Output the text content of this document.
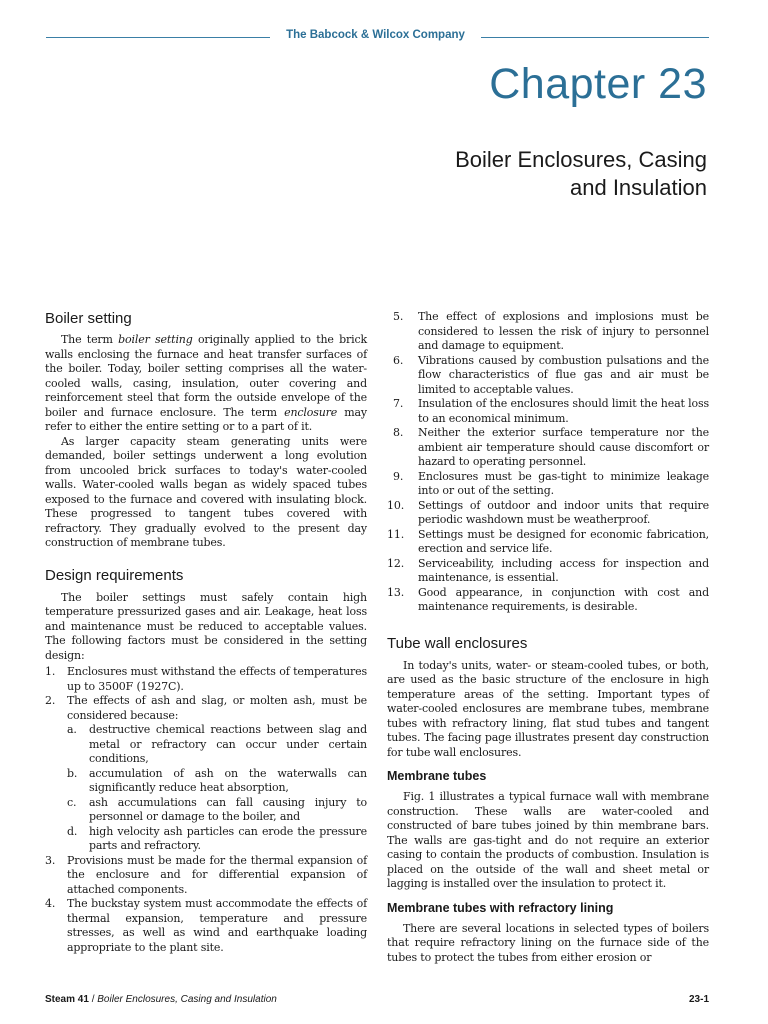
The Babcock & Wilcox Company
Chapter 23
Boiler Enclosures, Casing
and Insulation
Boiler setting

The term boiler setting originally applied to the brick walls enclosing the furnace and heat transfer surfaces of the boiler. Today, boiler setting comprises all the water-cooled walls, casing, insulation, outer covering and reinforcement steel that form the outside envelope of the boiler and furnace enclosure. The term enclosure may refer to either the entire setting or to a part of it.

As larger capacity steam generating units were demanded, boiler settings underwent a long evolution from uncooled brick surfaces to today's water-cooled walls. Water-cooled walls began as widely spaced tubes exposed to the furnace and covered with insulating block. These progressed to tangent tubes covered with refractory. They gradually evolved to the present day construction of membrane tubes.

Design requirements

The boiler settings must safely contain high temperature pressurized gases and air. Leakage, heat loss and maintenance must be reduced to acceptable values. The following factors must be considered in the setting design:

1.	Enclosures must withstand the effects of temperatures up to 3500F (1927C).
2.	The effects of ash and slag, or molten ash, must be considered because:
a.	destructive chemical reactions between slag and metal or refractory can occur under certain conditions,
b.	accumulation of ash on the waterwalls can significantly reduce heat absorption,
c.	ash accumulations can fall causing injury to personnel or damage to the boiler, and
d.	high velocity ash particles can erode the pressure parts and refractory.
3.	Provisions must be made for the thermal expansion of the enclosure and for differential expansion of attached components.
4.	The buckstay system must accommodate the effects of thermal expansion, temperature and pressure stresses, as well as wind and earthquake loading appropriate to the plant site.
5.	The effect of explosions and implosions must be considered to lessen the risk of injury to personnel and damage to equipment.
6.	Vibrations caused by combustion pulsations and the flow characteristics of flue gas and air must be limited to acceptable values.
7.	Insulation of the enclosures should limit the heat loss to an economical minimum.
8.	Neither the exterior surface temperature nor the ambient air temperature should cause discomfort or hazard to operating personnel.
9.	Enclosures must be gas-tight to minimize leakage into or out of the setting.
10.	Settings of outdoor and indoor units that require periodic washdown must be weatherproof.
11.	Settings must be designed for economic fabrication, erection and service life.
12.	Serviceability, including access for inspection and maintenance, is essential.
13.	Good appearance, in conjunction with cost and maintenance requirements, is desirable.
Tube wall enclosures

In today's units, water- or steam-cooled tubes, or both, are used as the basic structure of the enclosure in high temperature areas of the setting. Important types of water-cooled enclosures are membrane tubes, membrane tubes with refractory lining, flat stud tubes and tangent tubes. The facing page illustrates present day construction for tube wall enclosures.

Membrane tubes

Fig. 1 illustrates a typical furnace wall with membrane construction. These walls are water-cooled and constructed of bare tubes joined by thin membrane bars. The walls are gas-tight and do not require an exterior casing to contain the products of combustion. Insulation is placed on the outside of the wall and sheet metal or lagging is installed over the insulation to protect it.

Membrane tubes with refractory lining

There are several locations in selected types of boilers that require refractory lining on the furnace side of the tubes to protect the tubes from either erosion or

Steam 41 / Boiler Enclosures, Casing and Insulation	23-1
